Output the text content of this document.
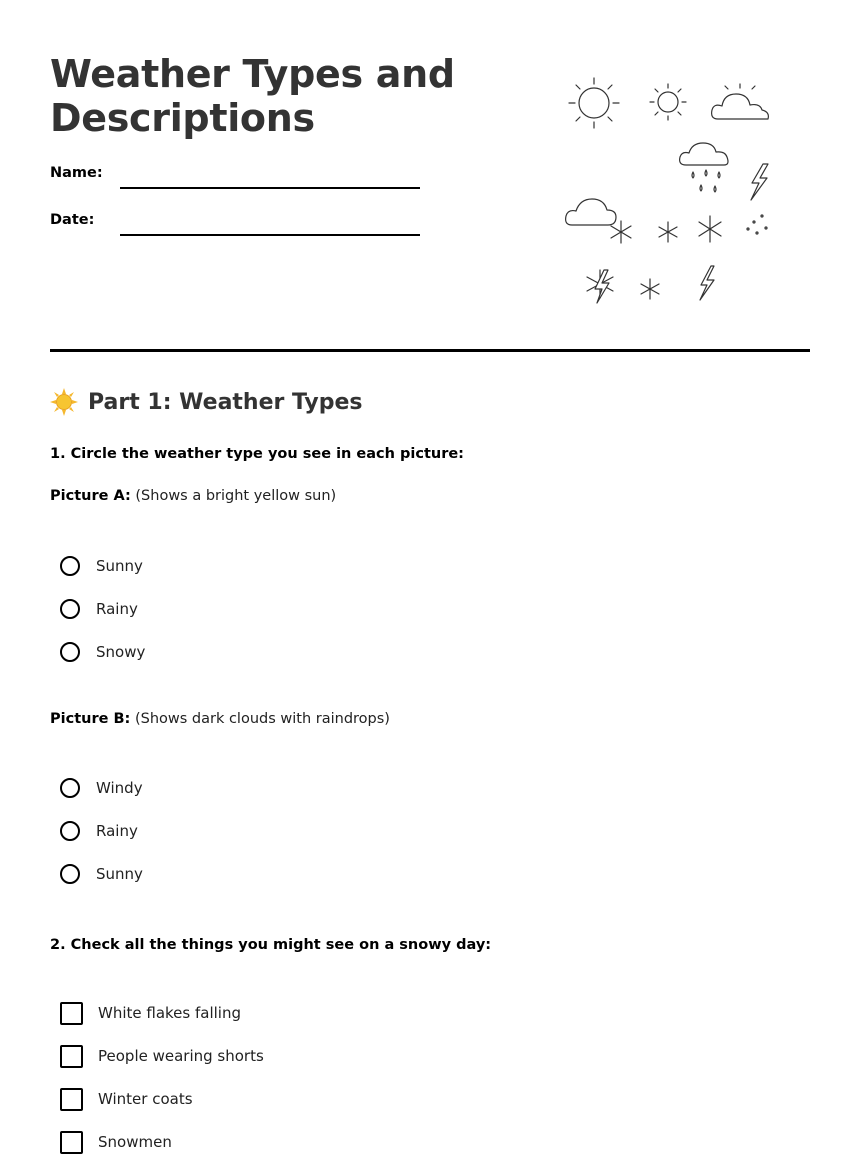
Weather Types and
Descriptions
Name:
Date:
Part 1: Weather Types
1. Circle the weather type you see in each picture:
Picture A: (Shows a bright yellow sun)
Sunny
Rainy
Snowy
Picture B: (Shows dark clouds with raindrops)
Windy
Rainy
Sunny
2. Check all the things you might see on a snowy day:
White flakes falling
People wearing shorts
Winter coats
Snowmen
